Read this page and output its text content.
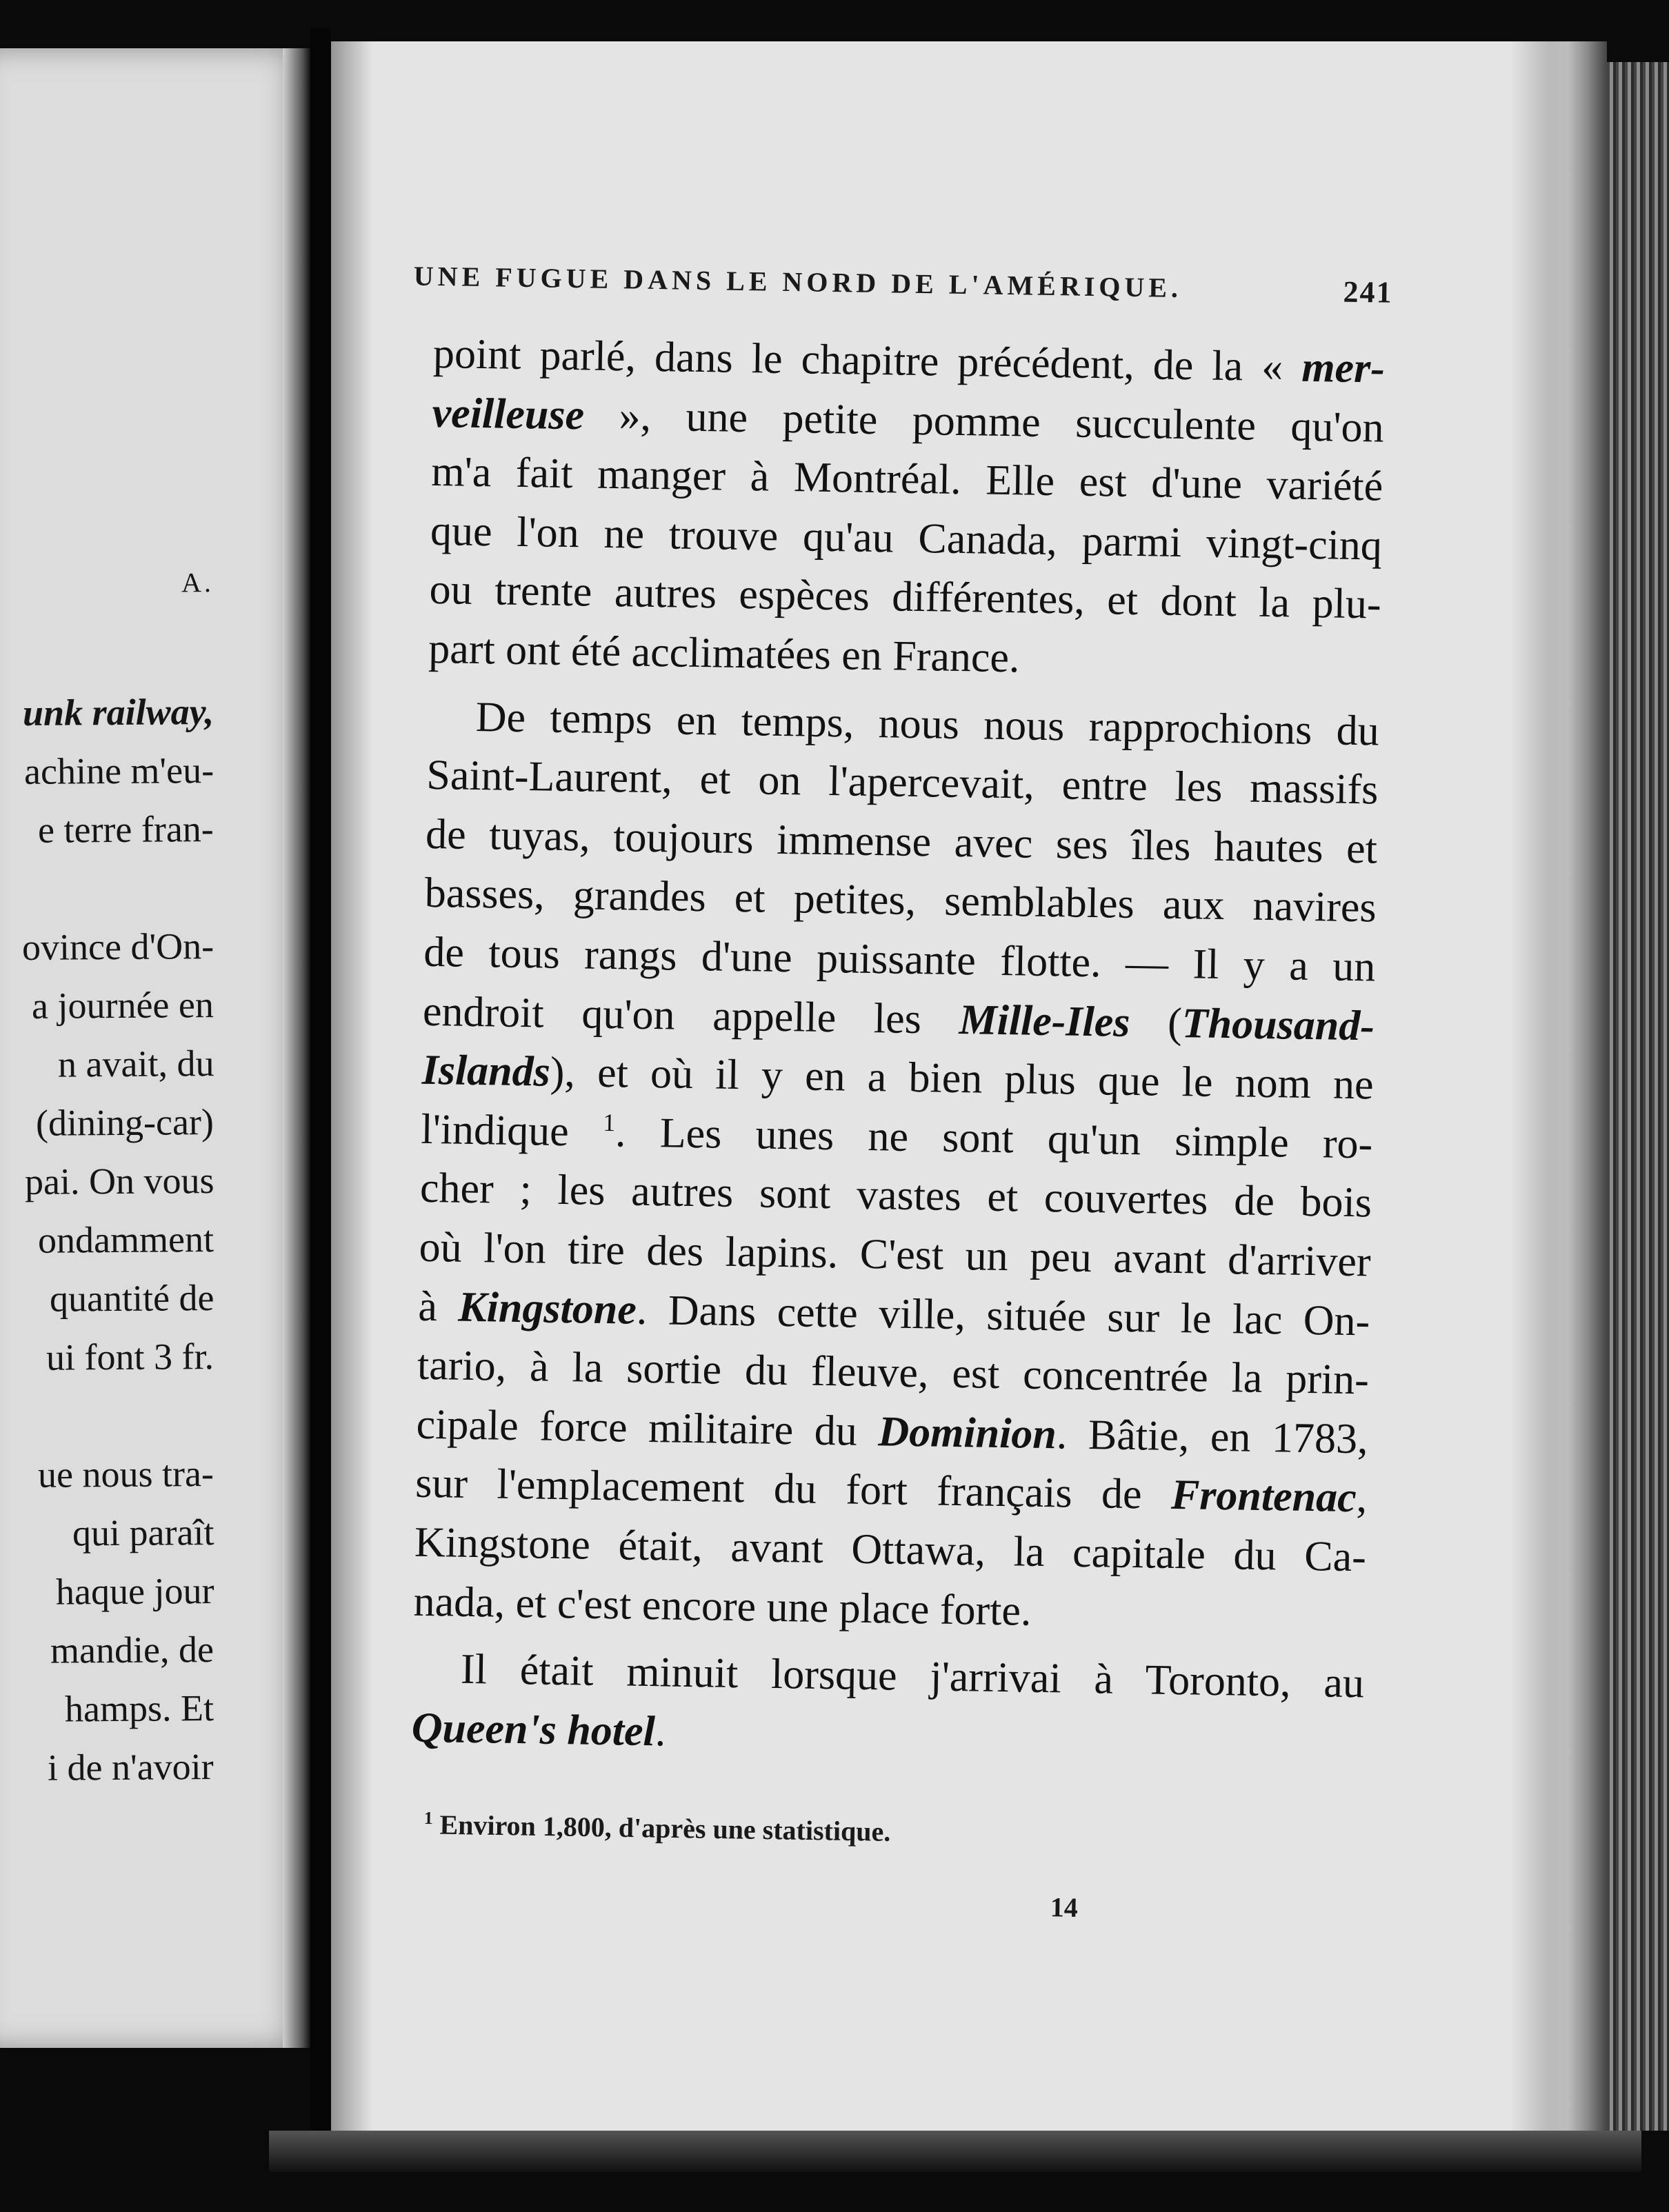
A.
unk railway,
achine m'eu-
e terre fran-
ovince d'On-
a journée en
n avait, du
(dining-car)
pai. On vous
ondamment
quantité de
ui font 3 fr.
ue nous tra-
qui paraît
haque jour
mandie, de
hamps. Et
i de n'avoir
UNE FUGUE DANS LE NORD DE L'AMÉRIQUE.	241
point parlé, dans le chapitre précédent, de la « mer-
veilleuse », une petite pomme succulente qu'on
m'a fait manger à Montréal. Elle est d'une variété
que l'on ne trouve qu'au Canada, parmi vingt-cinq
ou trente autres espèces différentes, et dont la plu-
part ont été acclimatées en France.
De temps en temps, nous nous rapprochions du
Saint-Laurent, et on l'apercevait, entre les massifs
de tuyas, toujours immense avec ses îles hautes et
basses, grandes et petites, semblables aux navires
de tous rangs d'une puissante flotte. — Il y a un
endroit qu'on appelle les Mille-Iles (Thousand-
Islands), et où il y en a bien plus que le nom ne
l'indique $^1$. Les unes ne sont qu'un simple ro-
cher ; les autres sont vastes et couvertes de bois
où l'on tire des lapins. C'est un peu avant d'arriver
à Kingstone. Dans cette ville, située sur le lac On-
tario, à la sortie du fleuve, est concentrée la prin-
cipale force militaire du Dominion. Bâtie, en 1783,
sur l'emplacement du fort français de Frontenac,
Kingstone était, avant Ottawa, la capitale du Ca-
nada, et c'est encore une place forte.
Il était minuit lorsque j'arrivai à Toronto, au
Queen's hotel.
$^1$ Environ 1,800, d'après une statistique.
14
